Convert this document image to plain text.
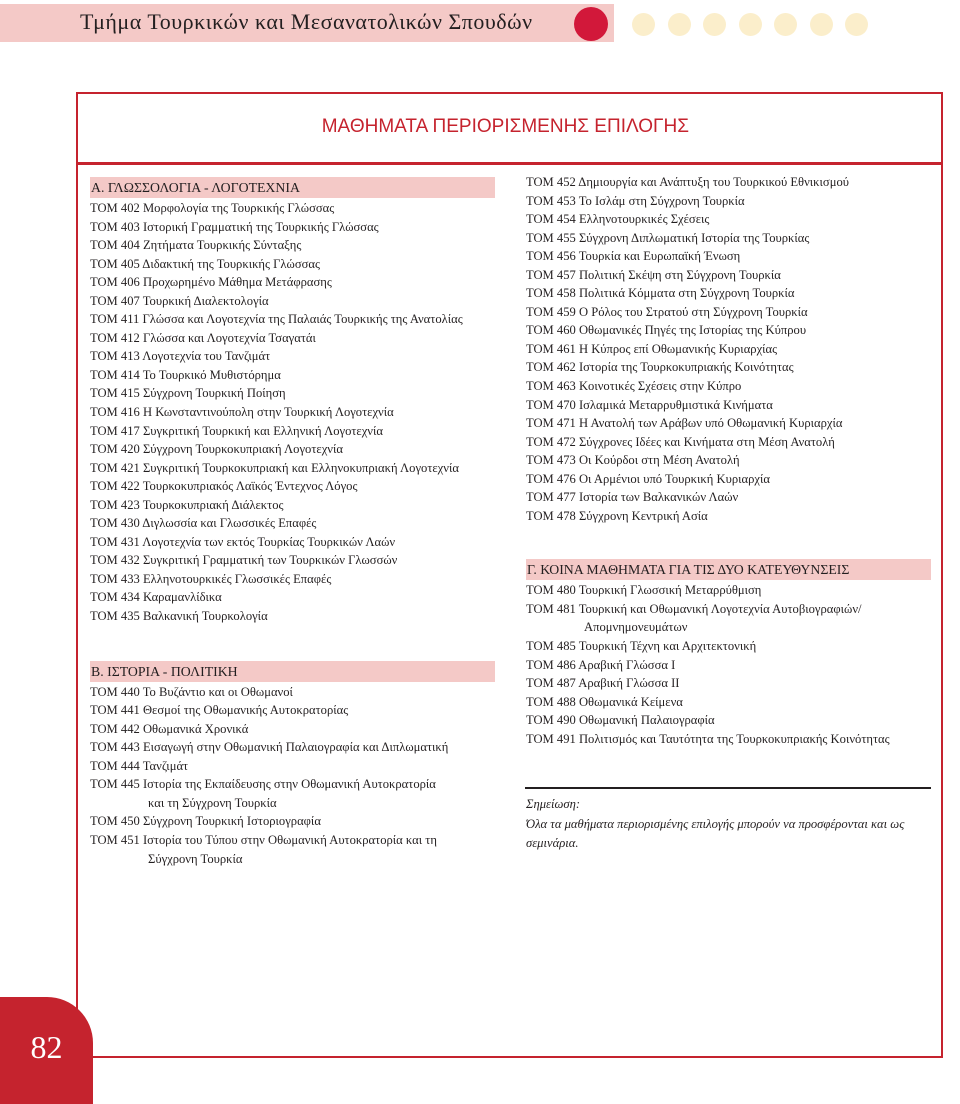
Τμήμα Τουρκικών και Μεσανατολικών Σπουδών
ΜΑΘΗΜΑΤΑ ΠΕΡΙΟΡΙΣΜΕΝΗΣ ΕΠΙΛΟΓΗΣ
Α. ΓΛΩΣΣΟΛΟΓΙΑ - ΛΟΓΟΤΕΧΝΙΑ
ΤΟΜ 402 Μορφολογία της Τουρκικής Γλώσσας
ΤΟΜ 403 Ιστορική Γραμματική της Τουρκικής Γλώσσας
ΤΟΜ 404 Ζητήματα Τουρκικής Σύνταξης
ΤΟΜ 405 Διδακτική της Τουρκικής Γλώσσας
ΤΟΜ 406 Προχωρημένο Μάθημα Μετάφρασης
ΤΟΜ 407 Τουρκική Διαλεκτολογία
ΤΟΜ 411 Γλώσσα και Λογοτεχνία της Παλαιάς Τουρκικής της Ανατολίας
ΤΟΜ 412 Γλώσσα και Λογοτεχνία Τσαγατάι
ΤΟΜ 413 Λογοτεχνία του Τανζιμάτ
ΤΟΜ 414 Το Τουρκικό Μυθιστόρημα
ΤΟΜ 415 Σύγχρονη Τουρκική Ποίηση
ΤΟΜ 416 Η Κωνσταντινούπολη στην Τουρκική Λογοτεχνία
ΤΟΜ 417 Συγκριτική Τουρκική και Ελληνική Λογοτεχνία
ΤΟΜ 420 Σύγχρονη Τουρκοκυπριακή Λογοτεχνία
ΤΟΜ 421 Συγκριτική Τουρκοκυπριακή και Ελληνοκυπριακή Λογοτεχνία
ΤΟΜ 422 Τουρκοκυπριακός Λαϊκός Έντεχνος Λόγος
ΤΟΜ 423 Τουρκοκυπριακή Διάλεκτος
ΤΟΜ 430 Διγλωσσία και Γλωσσικές Επαφές
ΤΟΜ 431 Λογοτεχνία των εκτός Τουρκίας Τουρκικών Λαών
ΤΟΜ 432 Συγκριτική Γραμματική των Τουρκικών Γλωσσών
ΤΟΜ 433 Ελληνοτουρκικές Γλωσσικές Επαφές
ΤΟΜ 434 Καραμανλίδικα
ΤΟΜ 435 Βαλκανική Τουρκολογία
Β. ΙΣΤΟΡΙΑ - ΠΟΛΙΤΙΚΗ
ΤΟΜ 440 Το Βυζάντιο και οι Οθωμανοί
ΤΟΜ 441 Θεσμοί της Οθωμανικής Αυτοκρατορίας
ΤΟΜ 442 Οθωμανικά Χρονικά
ΤΟΜ 443 Εισαγωγή στην Οθωμανική Παλαιογραφία και Διπλωματική
ΤΟΜ 444 Τανζιμάτ
ΤΟΜ 445 Ιστορία της Εκπαίδευσης στην Οθωμανική Αυτοκρατορία
και τη Σύγχρονη Τουρκία
ΤΟΜ 450 Σύγχρονη Τουρκική Ιστοριογραφία
ΤΟΜ 451 Ιστορία του Τύπου στην Οθωμανική Αυτοκρατορία και τη
Σύγχρονη Τουρκία
ΤΟΜ 452 Δημιουργία και Ανάπτυξη του Τουρκικού Εθνικισμού
ΤΟΜ 453 Το Ισλάμ στη Σύγχρονη Τουρκία
ΤΟΜ 454 Ελληνοτουρκικές Σχέσεις
ΤΟΜ 455 Σύγχρονη Διπλωματική Ιστορία της Τουρκίας
ΤΟΜ 456 Τουρκία και Ευρωπαϊκή Ένωση
ΤΟΜ 457 Πολιτική Σκέψη στη Σύγχρονη Τουρκία
ΤΟΜ 458 Πολιτικά Κόμματα στη Σύγχρονη Τουρκία
ΤΟΜ 459 Ο Ρόλος του Στρατού στη Σύγχρονη Τουρκία
ΤΟΜ 460 Οθωμανικές Πηγές της Ιστορίας της Κύπρου
ΤΟΜ 461 Η Κύπρος επί Οθωμανικής Κυριαρχίας
ΤΟΜ 462 Ιστορία της Τουρκοκυπριακής Κοινότητας
ΤΟΜ 463 Κοινοτικές Σχέσεις στην Κύπρο
ΤΟΜ 470 Ισλαμικά Μεταρρυθμιστικά Κινήματα
ΤΟΜ 471 Η Ανατολή των Αράβων υπό Οθωμανική Κυριαρχία
ΤΟΜ 472 Σύγχρονες Ιδέες και Κινήματα στη Μέση Ανατολή
ΤΟΜ 473 Οι Κούρδοι στη Μέση Ανατολή
ΤΟΜ 476 Οι Αρμένιοι υπό Τουρκική Κυριαρχία
ΤΟΜ 477 Ιστορία των Βαλκανικών Λαών
ΤΟΜ 478 Σύγχρονη Κεντρική Ασία
Γ. ΚΟΙΝΑ ΜΑΘΗΜΑΤΑ ΓΙΑ ΤΙΣ ΔΥΟ ΚΑΤΕΥΘΥΝΣΕΙΣ
ΤΟΜ 480 Τουρκική Γλωσσική Μεταρρύθμιση
ΤΟΜ 481 Τουρκική και Οθωμανική Λογοτεχνία Αυτοβιογραφιών/
Απομνημονευμάτων
ΤΟΜ 485 Τουρκική Τέχνη και Αρχιτεκτονική
ΤΟΜ 486 Αραβική Γλώσσα Ι
ΤΟΜ 487 Αραβική Γλώσσα ΙΙ
ΤΟΜ 488 Οθωμανικά Κείμενα
ΤΟΜ 490 Οθωμανική Παλαιογραφία
ΤΟΜ 491 Πολιτισμός και Ταυτότητα της Τουρκοκυπριακής Κοινότητας
Σημείωση:
Όλα τα μαθήματα περιορισμένης επιλογής μπορούν να προσφέρονται και ως
σεμινάρια.
82
